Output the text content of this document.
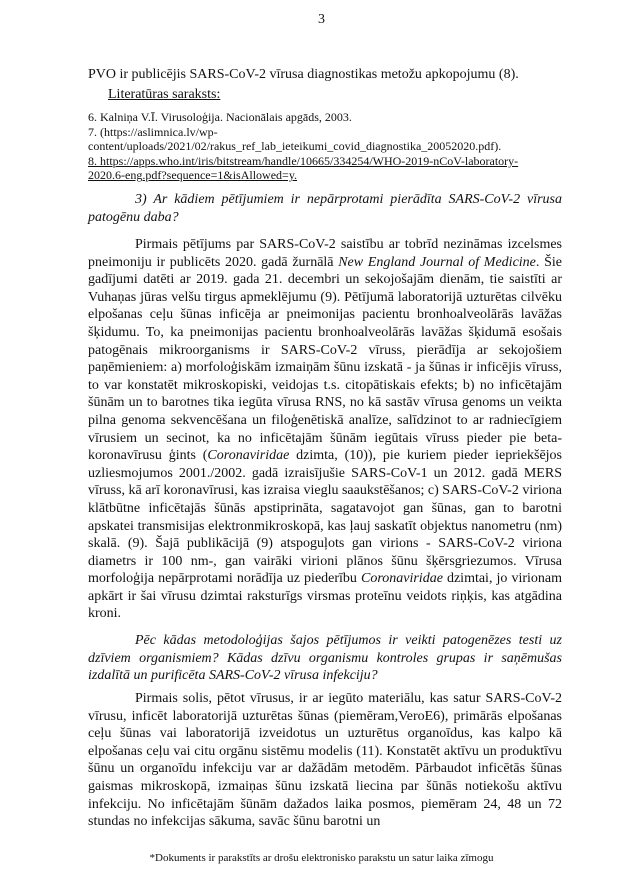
3
PVO ir publicējis SARS-CoV-2 vīrusa diagnostikas metožu apkopojumu (8).
Literatūras saraksts:
6. Kalniņa V.Ī. Virusoloģija. Nacionālais apgāds, 2003.
7. (https://aslimnica.lv/wp-
content/uploads/2021/02/rakus_ref_lab_ieteikumi_covid_diagnostika_20052020.pdf).
8. https://apps.who.int/iris/bitstream/handle/10665/334254/WHO-2019-nCoV-laboratory-
2020.6-eng.pdf?sequence=1&isAllowed=y.
3) Ar kādiem pētījumiem ir nepārprotami pierādīta SARS-CoV-2 vīrusa patogēnu daba?
Pirmais pētījums par SARS-CoV-2 saistību ar tobrīd nezināmas izcelsmes pneimoniju ir publicēts 2020. gadā žurnālā New England Journal of Medicine. Šie gadījumi datēti ar 2019. gada 21. decembri un sekojošajām dienām, tie saistīti ar Vuhaņas jūras velšu tirgus apmeklējumu (9). Pētījumā laboratorijā uzturētas cilvēku elpošanas ceļu šūnas inficēja ar pneimonijas pacientu bronhoalveolārās lavāžas šķidumu. To, ka pneimonijas pacientu bronhoalveolārās lavāžas šķidumā esošais patogēnais mikroorganisms ir SARS-CoV-2 vīruss, pierādīja ar sekojošiem paņēmieniem: a) morfoloģiskām izmaiņām šūnu izskatā - ja šūnas ir inficējis vīruss, to var konstatēt mikroskopiski, veidojas t.s. citopātiskais efekts; b) no inficētajām šūnām un to barotnes tika iegūta vīrusa RNS, no kā sastāv vīrusa genoms un veikta pilna genoma sekvencēšana un filoģenētiskā analīze, salīdzinot to ar radniecīgiem vīrusiem un secinot, ka no inficētajām šūnām iegūtais vīruss pieder pie beta-koronavīrusu ģints (Coronaviridae dzimta, (10)), pie kuriem pieder iepriekšējos uzliesmojumos 2001./2002. gadā izraisījušie SARS-CoV-1 un 2012. gadā MERS vīruss, kā arī koronavīrusi, kas izraisa vieglu saaukstēšanos; c) SARS-CoV-2 viriona klātbūtne inficētajās šūnās apstiprināta, sagatavojot gan šūnas, gan to barotni apskatei transmisijas elektronmikroskopā, kas ļauj saskatīt objektus nanometru (nm) skalā. (9). Šajā publikācijā (9) atspoguļots gan virions - SARS-CoV-2 viriona diametrs ir 100 nm-, gan vairāki virioni plānos šūnu šķērsgriezumos. Vīrusa morfoloģija nepārprotami norādīja uz piederību Coronaviridae dzimtai, jo virionam apkārt ir šai vīrusu dzimtai raksturīgs virsmas proteīnu veidots riņķis, kas atgādina kroni.
Pēc kādas metodoloģijas šajos pētījumos ir veikti patogenēzes testi uz dzīviem organismiem? Kādas dzīvu organismu kontroles grupas ir saņēmušas izdalītā un purificēta SARS-CoV-2 vīrusa infekciju?
Pirmais solis, pētot vīrusus, ir ar iegūto materiālu, kas satur SARS-CoV-2 vīrusu, inficēt laboratorijā uzturētas šūnas (piemēram,VeroE6), primārās elpošanas ceļu šūnas vai laboratorijā izveidotus un uzturētus organoīdus, kas kalpo kā elpošanas ceļu vai citu orgānu sistēmu modelis (11). Konstatēt aktīvu un produktīvu šūnu un organoīdu infekciju var ar dažādām metodēm. Pārbaudot inficētās šūnas gaismas mikroskopā, izmaiņas šūnu izskatā liecina par šūnās notiekošu aktīvu infekciju. No inficētajām šūnām dažados laika posmos, piemēram 24, 48 un 72 stundas no infekcijas sākuma, savāc šūnu barotni un
*Dokuments ir parakstīts ar drošu elektronisko parakstu un satur laika zīmogu
